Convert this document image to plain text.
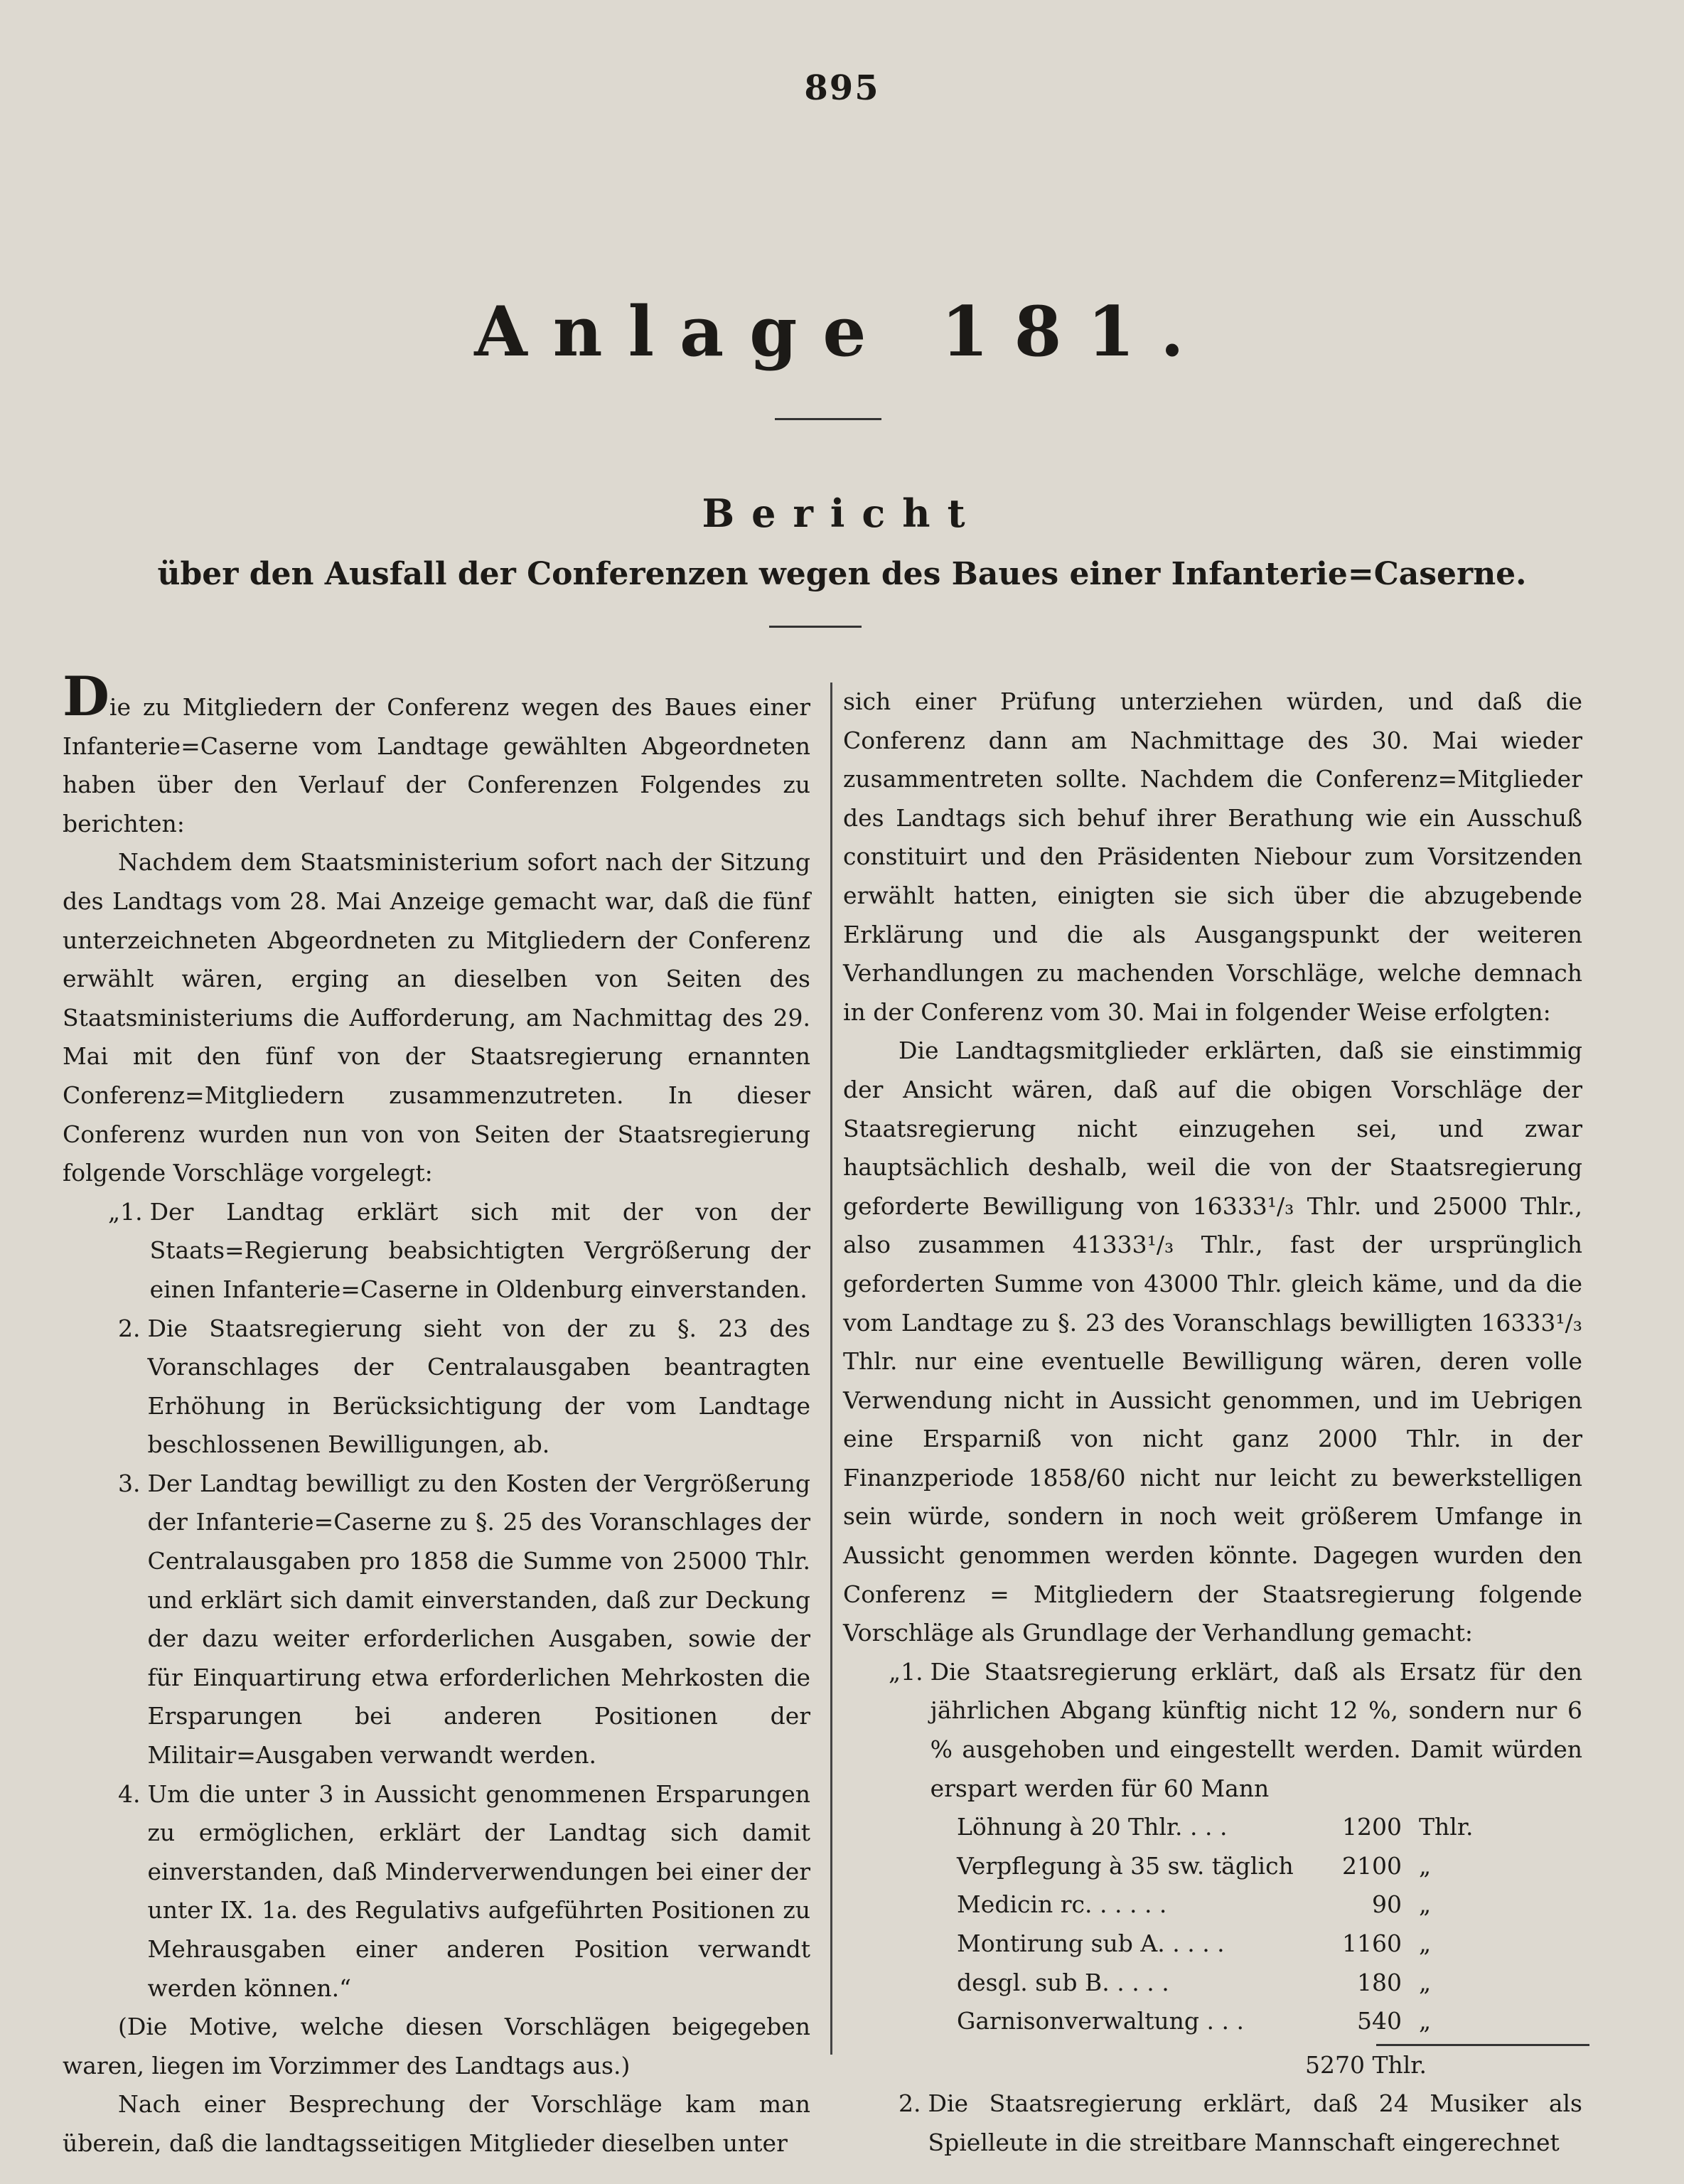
895
Anlage 181.
Bericht
über den Ausfall der Conferenzen wegen des Baues einer Infanterie=Caserne.

Die zu Mitgliedern der Conferenz wegen des Baues einer Infanterie=Caserne vom Landtage gewählten Abgeordneten haben über den Verlauf der Conferenzen Folgendes zu berichten:

Nachdem dem Staatsministerium sofort nach der Sitzung des Landtags vom 28. Mai Anzeige gemacht war, daß die fünf unterzeichneten Abgeordneten zu Mitgliedern der Conferenz erwählt wären, erging an dieselben von Seiten des Staatsministeriums die Aufforderung, am Nachmittag des 29. Mai mit den fünf von der Staatsregierung ernannten Conferenz=Mitgliedern zusammenzutreten. In dieser Conferenz wurden nun von von Seiten der Staatsregierung folgende Vorschläge vorgelegt:

„1. Der Landtag erklärt sich mit der von der Staats=Regierung beabsichtigten Vergrößerung der einen Infanterie=Caserne in Oldenburg einverstanden.
2. Die Staatsregierung sieht von der zu §. 23 des Voranschlages der Centralausgaben beantragten Erhöhung in Berücksichtigung der vom Landtage beschlossenen Bewilligungen, ab.
3. Der Landtag bewilligt zu den Kosten der Vergrößerung der Infanterie=Caserne zu §. 25 des Voranschlages der Centralausgaben pro 1858 die Summe von 25000 Thlr. und erklärt sich damit einverstanden, daß zur Deckung der dazu weiter erforderlichen Ausgaben, sowie der für Einquartirung etwa erforderlichen Mehrkosten die Ersparungen bei anderen Positionen der Militair=Ausgaben verwandt werden.
4. Um die unter 3 in Aussicht genommenen Ersparungen zu ermöglichen, erklärt der Landtag sich damit einverstanden, daß Minderverwendungen bei einer der unter IX. 1a. des Regulativs aufgeführten Positionen zu Mehrausgaben einer anderen Position verwandt werden können.“

(Die Motive, welche diesen Vorschlägen beigegeben waren, liegen im Vorzimmer des Landtags aus.)

Nach einer Besprechung der Vorschläge kam man überein, daß die landtagsseitigen Mitglieder dieselben unter

sich einer Prüfung unterziehen würden, und daß die Conferenz dann am Nachmittage des 30. Mai wieder zusammentreten sollte. Nachdem die Conferenz=Mitglieder des Landtags sich behuf ihrer Berathung wie ein Ausschuß constituirt und den Präsidenten Niebour zum Vorsitzenden erwählt hatten, einigten sie sich über die abzugebende Erklärung und die als Ausgangspunkt der weiteren Verhandlungen zu machenden Vorschläge, welche demnach in der Conferenz vom 30. Mai in folgender Weise erfolgten:

Die Landtagsmitglieder erklärten, daß sie einstimmig der Ansicht wären, daß auf die obigen Vorschläge der Staatsregierung nicht einzugehen sei, und zwar hauptsächlich deshalb, weil die von der Staatsregierung geforderte Bewilligung von 16333¹/₃ Thlr. und 25000 Thlr., also zusammen 41333¹/₃ Thlr., fast der ursprünglich geforderten Summe von 43000 Thlr. gleich käme, und da die vom Landtage zu §. 23 des Voranschlags bewilligten 16333¹/₃ Thlr. nur eine eventuelle Bewilligung wären, deren volle Verwendung nicht in Aussicht genommen, und im Uebrigen eine Ersparniß von nicht ganz 2000 Thlr. in der Finanzperiode 1858/60 nicht nur leicht zu bewerkstelligen sein würde, sondern in noch weit größerem Umfange in Aussicht genommen werden könnte. Dagegen wurden den Conferenz = Mitgliedern der Staatsregierung folgende Vorschläge als Grundlage der Verhandlung gemacht:

„1. Die Staatsregierung erklärt, daß als Ersatz für den jährlichen Abgang künftig nicht 12 %, sondern nur 6 % ausgehoben und eingestellt werden. Damit würden erspart werden für 60 Mann
Löhnung à 20 Thlr. . . .	1200 Thlr.
Verpflegung à 35 sw. täglich	2100 „
Medicin rc. . . . . .	90 „
Montirung sub A. . . . .	1160 „
desgl. sub B. . . . .	180 „
Garnisonverwaltung . . .	540 „
5270 Thlr.
2. Die Staatsregierung erklärt, daß 24 Musiker als Spielleute in die streitbare Mannschaft eingerechnet
